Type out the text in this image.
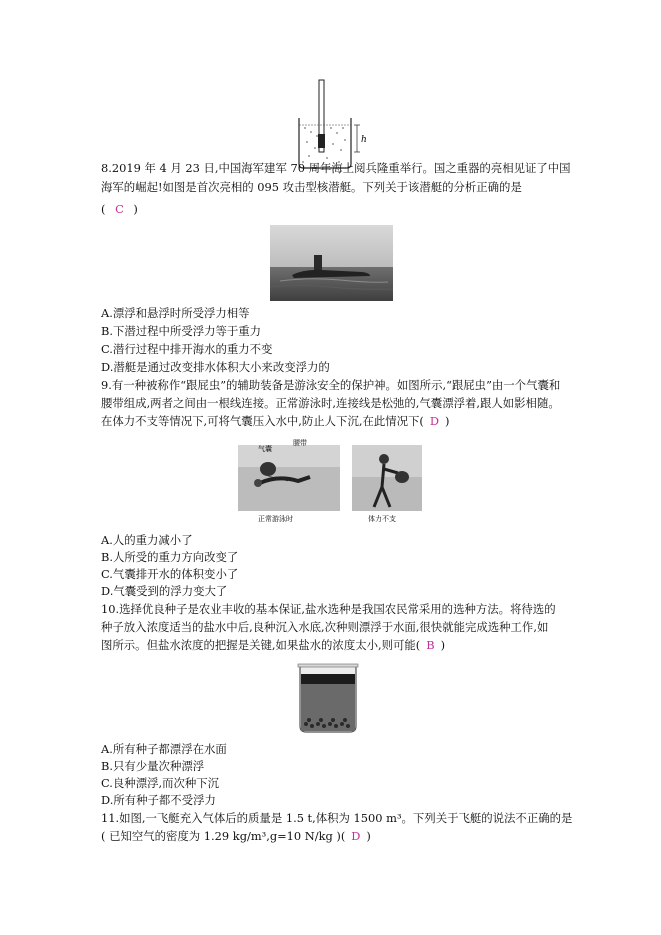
h
8.2019 年 4 月 23 日,中国海军建军 70 周年海上阅兵隆重举行。国之重器的亮相见证了中国
海军的崛起!如图是首次亮相的 095 攻击型核潜艇。下列关于该潜艇的分析正确的是
( C )
A.漂浮和悬浮时所受浮力相等
B.下潜过程中所受浮力等于重力
C.潜行过程中排开海水的重力不变
D.潜艇是通过改变排水体积大小来改变浮力的
9.有一种被称作“跟屁虫”的辅助装备是游泳安全的保护神。如图所示,“跟屁虫”由一个气囊和
腰带组成,两者之间由一根线连接。正常游泳时,连接线是松弛的,气囊漂浮着,跟人如影相随。
在体力不支等情况下,可将气囊压入水中,防止人下沉,在此情况下( D )
气囊
腰带
正常游泳时	体力不支
A.人的重力减小了
B.人所受的重力方向改变了
C.气囊排开水的体积变小了
D.气囊受到的浮力变大了
10.选择优良种子是农业丰收的基本保证,盐水选种是我国农民常采用的选种方法。将待选的
种子放入浓度适当的盐水中后,良种沉入水底,次种则漂浮于水面,很快就能完成选种工作,如
图所示。但盐水浓度的把握是关键,如果盐水的浓度太小,则可能( B )
A.所有种子都漂浮在水面
B.只有少量次种漂浮
C.良种漂浮,而次种下沉
D.所有种子都不受浮力
11.如图,一飞艇充入气体后的质量是 1.5 t,体积为 1500 m³。下列关于飞艇的说法不正确的是
( 已知空气的密度为 1.29 kg/m³,g=10 N/kg )( D )
